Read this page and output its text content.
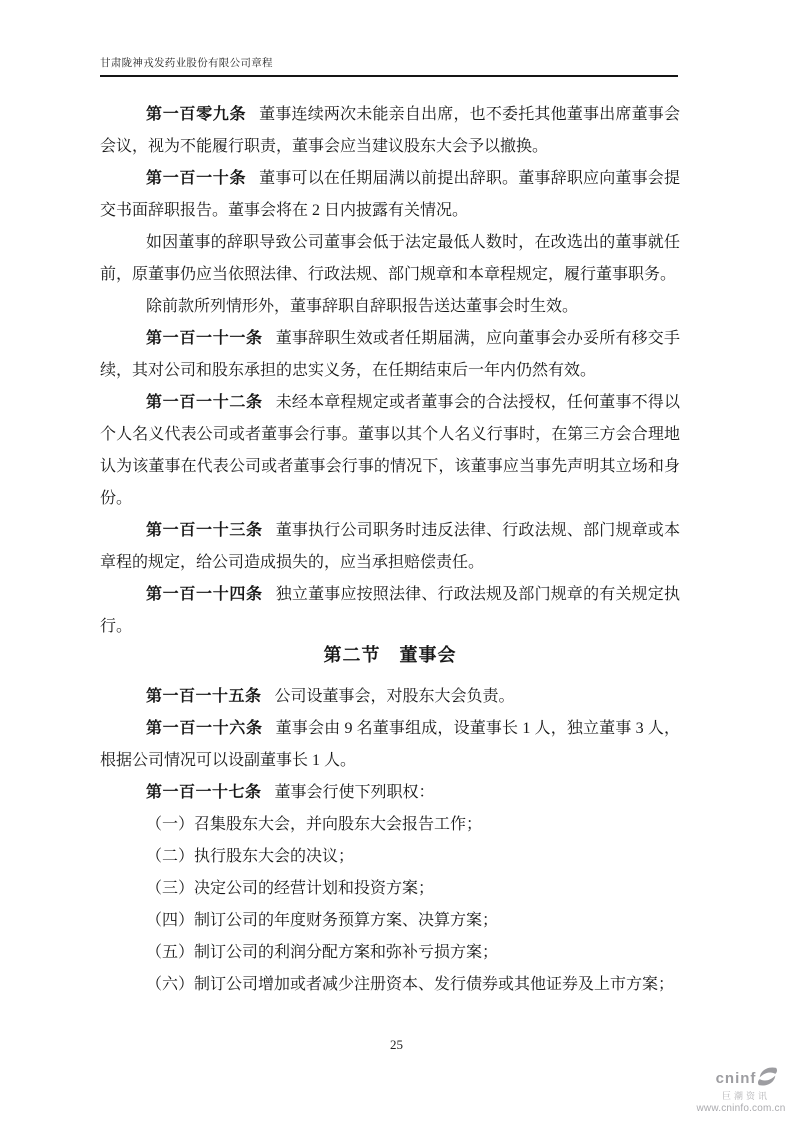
甘肃陇神戎发药业股份有限公司章程

第一百零九条 董事连续两次未能亲自出席，也不委托其他董事出席董事会会议，视为不能履行职责，董事会应当建议股东大会予以撤换。

第一百一十条 董事可以在任期届满以前提出辞职。董事辞职应向董事会提交书面辞职报告。董事会将在 2 日内披露有关情况。

如因董事的辞职导致公司董事会低于法定最低人数时，在改选出的董事就任前，原董事仍应当依照法律、行政法规、部门规章和本章程规定，履行董事职务。

除前款所列情形外，董事辞职自辞职报告送达董事会时生效。

第一百一十一条 董事辞职生效或者任期届满，应向董事会办妥所有移交手续，其对公司和股东承担的忠实义务，在任期结束后一年内仍然有效。

第一百一十二条 未经本章程规定或者董事会的合法授权，任何董事不得以个人名义代表公司或者董事会行事。董事以其个人名义行事时，在第三方会合理地认为该董事在代表公司或者董事会行事的情况下，该董事应当事先声明其立场和身份。

第一百一十三条 董事执行公司职务时违反法律、行政法规、部门规章或本章程的规定，给公司造成损失的，应当承担赔偿责任。

第一百一十四条 独立董事应按照法律、行政法规及部门规章的有关规定执行。

第二节　董事会

第一百一十五条 公司设董事会，对股东大会负责。

第一百一十六条 董事会由 9 名董事组成，设董事长 1 人，独立董事 3 人，根据公司情况可以设副董事长 1 人。

第一百一十七条 董事会行使下列职权：

（一）召集股东大会，并向股东大会报告工作；

（二）执行股东大会的决议；

（三）决定公司的经营计划和投资方案；

（四）制订公司的年度财务预算方案、决算方案；

（五）制订公司的利润分配方案和弥补亏损方案；

（六）制订公司增加或者减少注册资本、发行债券或其他证券及上市方案；

25
cninf
巨潮资讯
www.cninfo.com.cn
